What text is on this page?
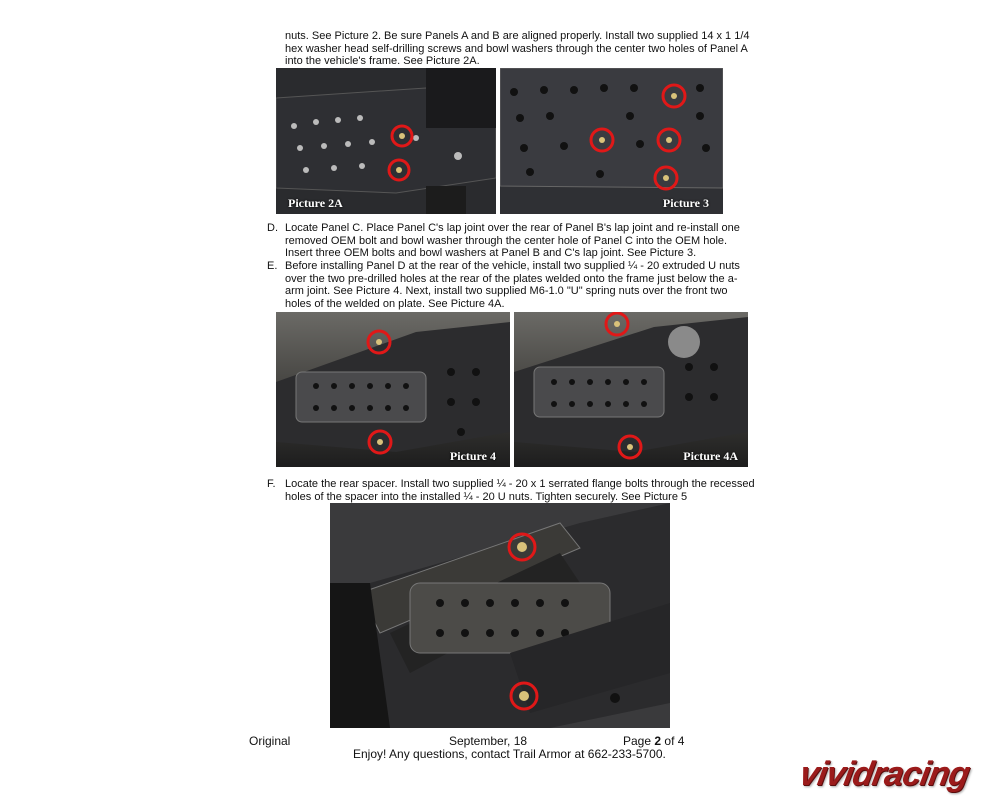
nuts. See Picture 2. Be sure Panels A and B are aligned properly. Install two supplied 14 x 1 1/4 hex washer head self-drilling screws and bowl washers through the center two holes of Panel A into the vehicle's frame. See Picture 2A.
Picture 2A	Picture 3
D. Locate Panel C. Place Panel C's lap joint over the rear of Panel B's lap joint and re-install one removed OEM bolt and bowl washer through the center hole of Panel C into the OEM hole. Insert three OEM bolts and bowl washers at Panel B and C's lap joint. See Picture 3.
E. Before installing Panel D at the rear of the vehicle, install two supplied ¼ - 20 extruded U nuts over the two pre-drilled holes at the rear of the plates welded onto the frame just below the a-arm joint. See Picture 4. Next, install two supplied M6-1.0 "U" spring nuts over the front two holes of the welded on plate. See Picture 4A.
Picture 4	Picture 4A
F. Locate the rear spacer. Install two supplied ¼ - 20 x 1 serrated flange bolts through the recessed holes of the spacer into the installed ¼ - 20 U nuts. Tighten securely. See Picture 5
Original	September, 18	Page 2 of 4
Enjoy! Any questions, contact Trail Armor at 662-233-5700.
vividracing
